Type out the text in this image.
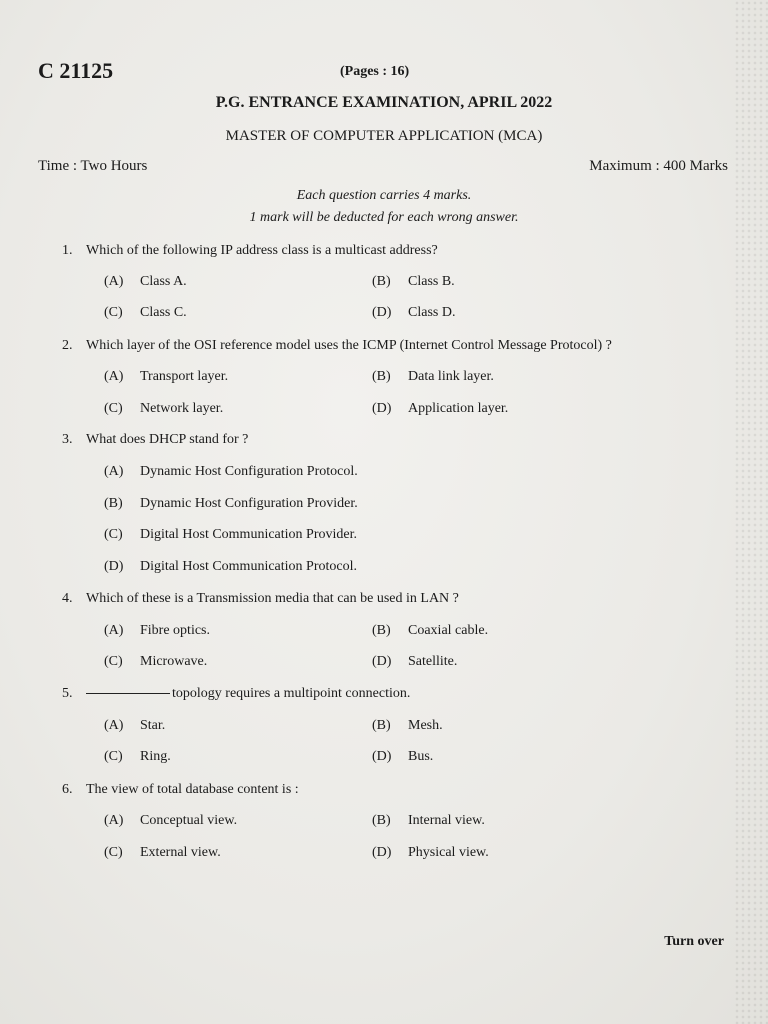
C 21125	(Pages : 16)
P.G. ENTRANCE EXAMINATION, APRIL 2022
MASTER OF COMPUTER APPLICATION (MCA)
Time : Two Hours	Maximum : 400 Marks
Each question carries 4 marks.
1 mark will be deducted for each wrong answer.
1. Which of the following IP address class is a multicast address?
(A) Class A.	(B) Class B.
(C) Class C.	(D) Class D.
2. Which layer of the OSI reference model uses the ICMP (Internet Control Message Protocol) ?
(A) Transport layer.	(B) Data link layer.
(C) Network layer.	(D) Application layer.
3. What does DHCP stand for ?
(A) Dynamic Host Configuration Protocol.
(B) Dynamic Host Configuration Provider.
(C) Digital Host Communication Provider.
(D) Digital Host Communication Protocol.
4. Which of these is a Transmission media that can be used in LAN ?
(A) Fibre optics.	(B) Coaxial cable.
(C) Microwave.	(D) Satellite.
5.	topology requires a multipoint connection.
(A) Star.	(B) Mesh.
(C) Ring.	(D) Bus.
6. The view of total database content is :
(A) Conceptual view.	(B) Internal view.
(C) External view.	(D) Physical view.
Turn over
